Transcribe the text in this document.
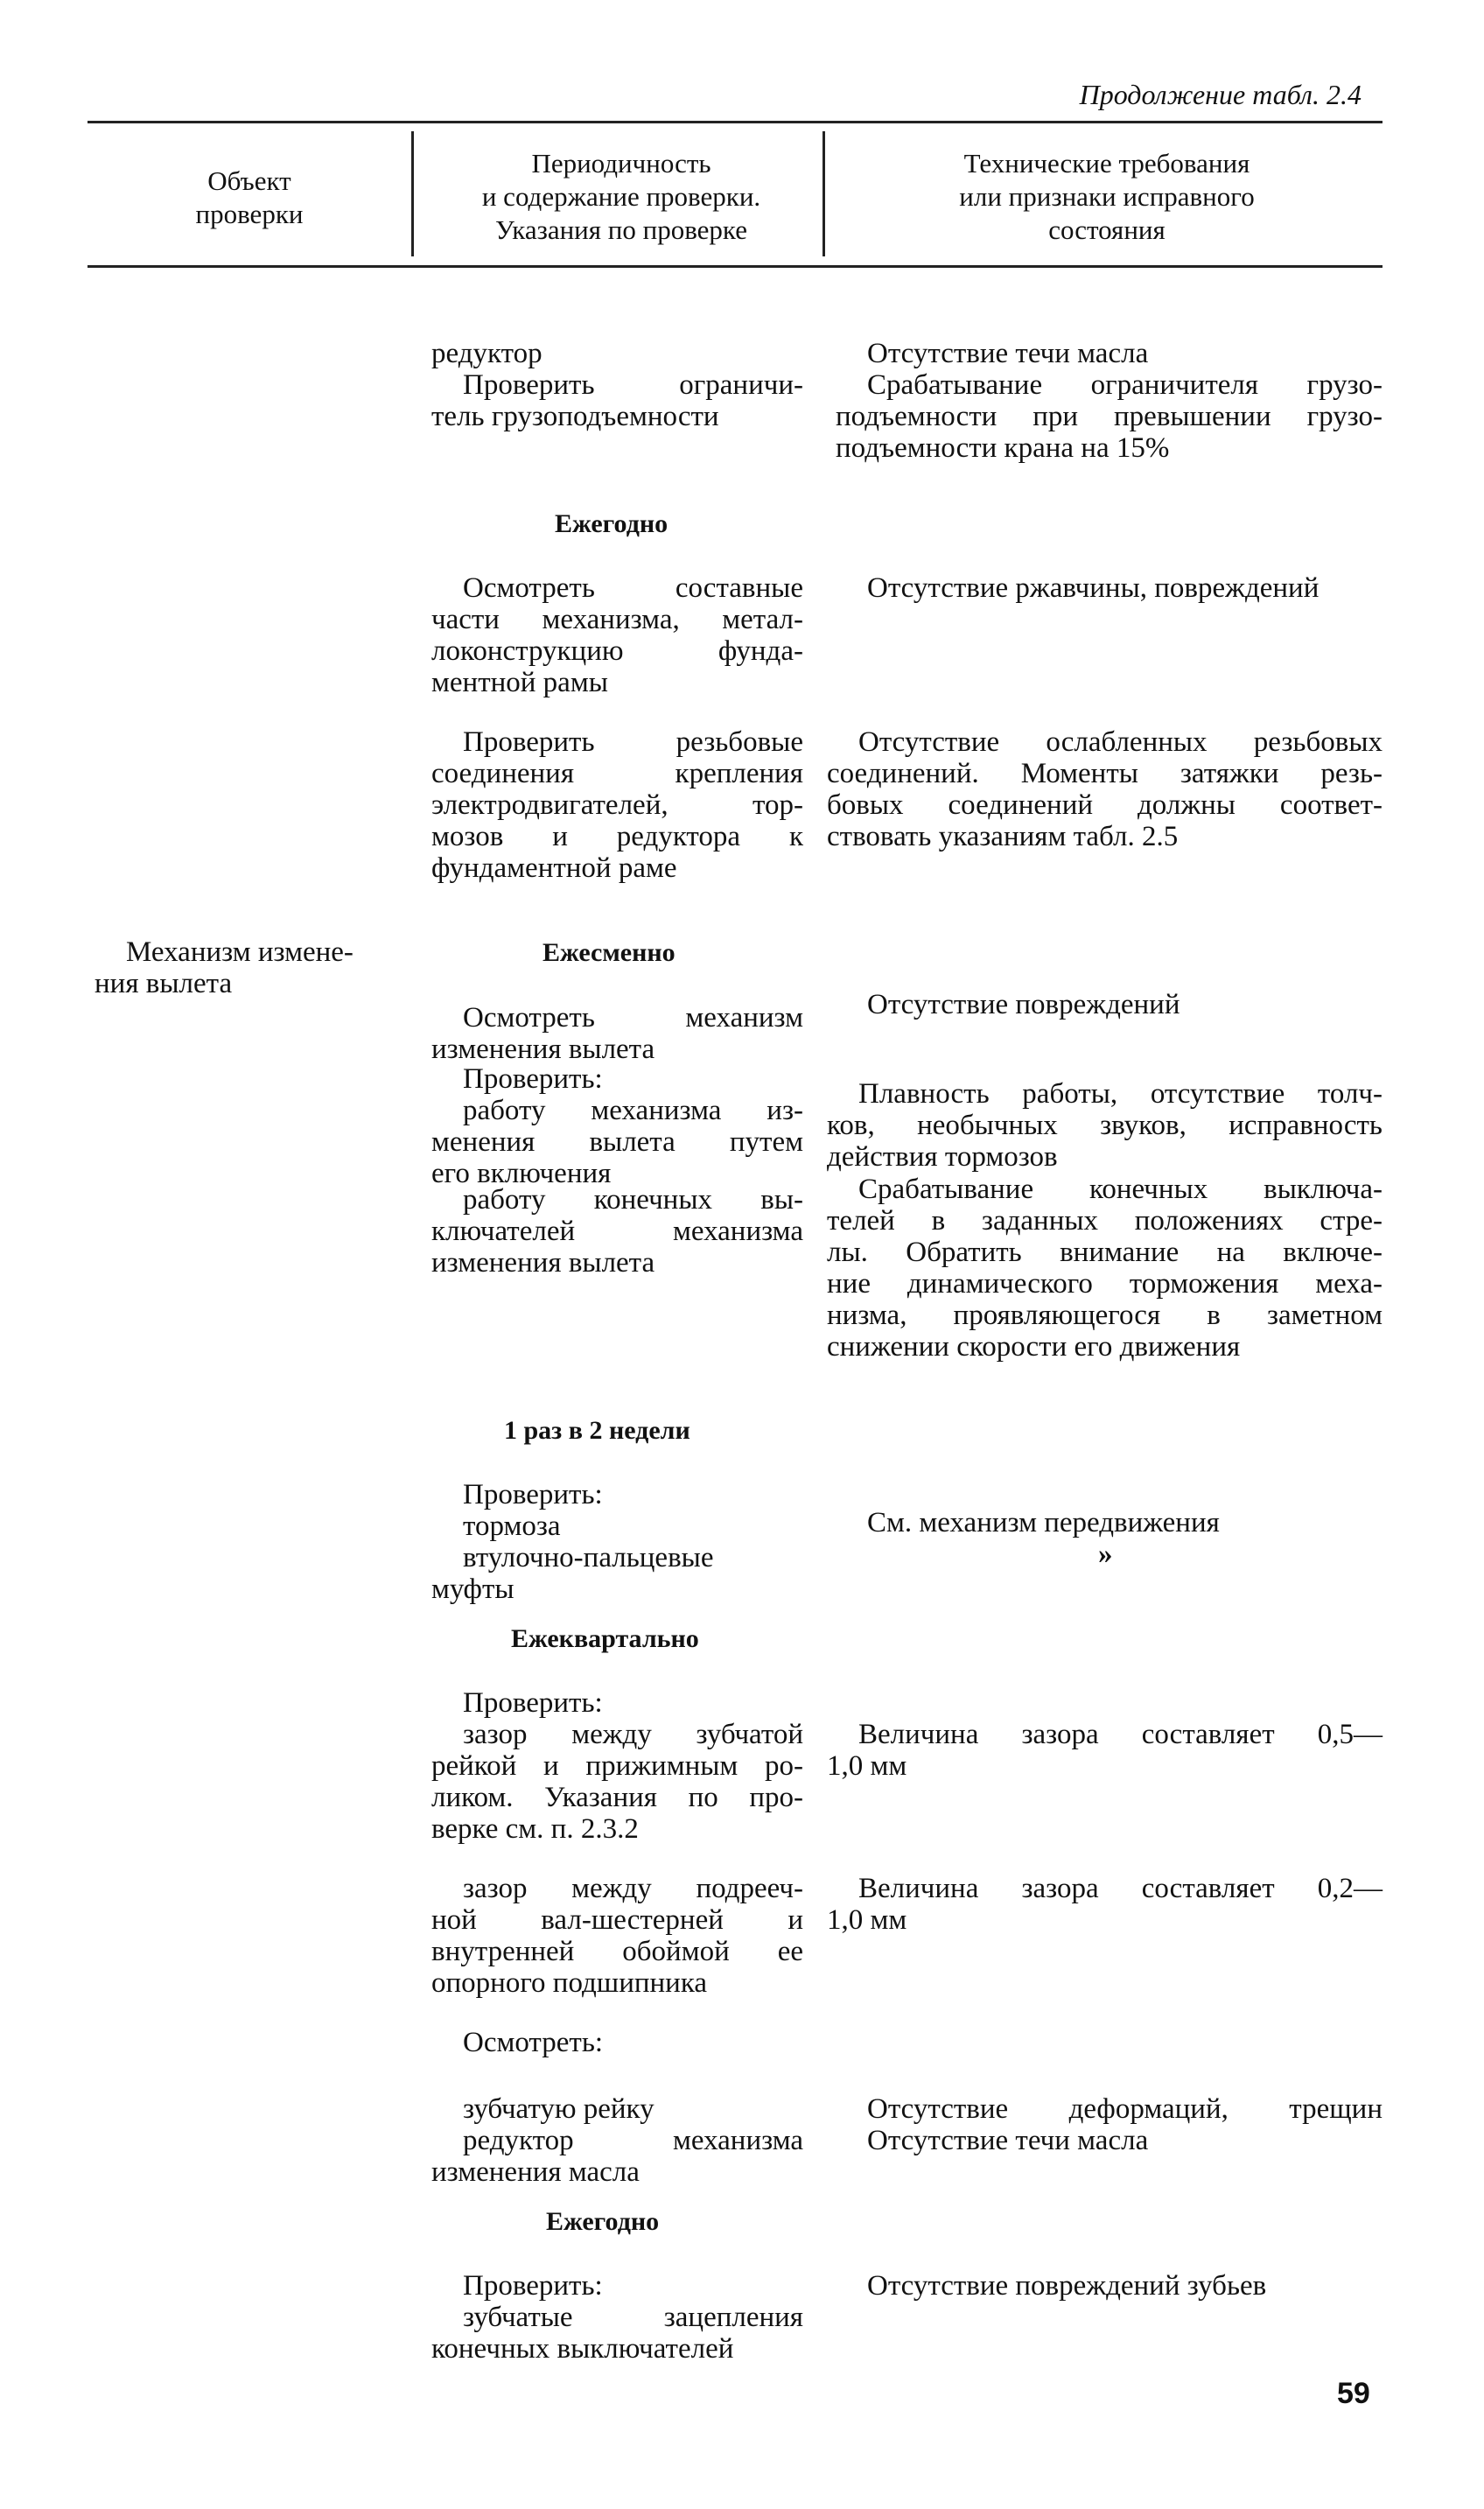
Продолжение табл. 2.4
Объект
проверки
Периодичность
и содержание проверки.
Указания по проверке
Технические требования
или признаки исправного
состояния
редуктор	Отсутствие течи масла
Проверить ограничи-
тель грузоподъемности
Срабатывание ограничителя грузо-
подъемности при превышении грузо-
подъемности крана на 15%
Ежегодно
Осмотреть составные
части механизма, метал-
локонструкцию фунда-
ментной рамы
Отсутствие ржавчины, повреждений
Проверить резьбовые
соединения крепления
электродвигателей, тор-
мозов и редуктора к
фундаментной раме
Отсутствие ослабленных резьбовых
соединений. Моменты затяжки резь-
бовых соединений должны соответ-
ствовать указаниям табл. 2.5
Механизм измене-
ния вылета
Ежесменно
Осмотреть механизм
изменения вылета
Отсутствие повреждений
Проверить:
работу механизма из-
менения вылета путем
его включения
Плавность работы, отсутствие толч-
ков, необычных звуков, исправность
действия тормозов
работу конечных вы-
ключателей механизма
изменения вылета
Срабатывание конечных выключа-
телей в заданных положениях стре-
лы. Обратить внимание на включе-
ние динамического торможения меха-
низма, проявляющегося в заметном
снижении скорости его движения
1 раз в 2 недели
Проверить:
тормоза
втулочно-пальцевые
муфты
См. механизм передвижения
»
Ежеквартально
Проверить:
зазор между зубчатой
рейкой и прижимным ро-
ликом. Указания по про-
верке см. п. 2.3.2
Величина зазора составляет 0,5—
1,0 мм
зазор между подрееч-
ной вал-шестерней и
внутренней обоймой ее
опорного подшипника
Величина зазора составляет 0,2—
1,0 мм
Осмотреть:
зубчатую рейку
редуктор механизма
изменения масла
Отсутствие деформаций, трещин
Отсутствие течи масла
Ежегодно
Проверить:
зубчатые зацепления
конечных выключателей
Отсутствие повреждений зубьев
59
